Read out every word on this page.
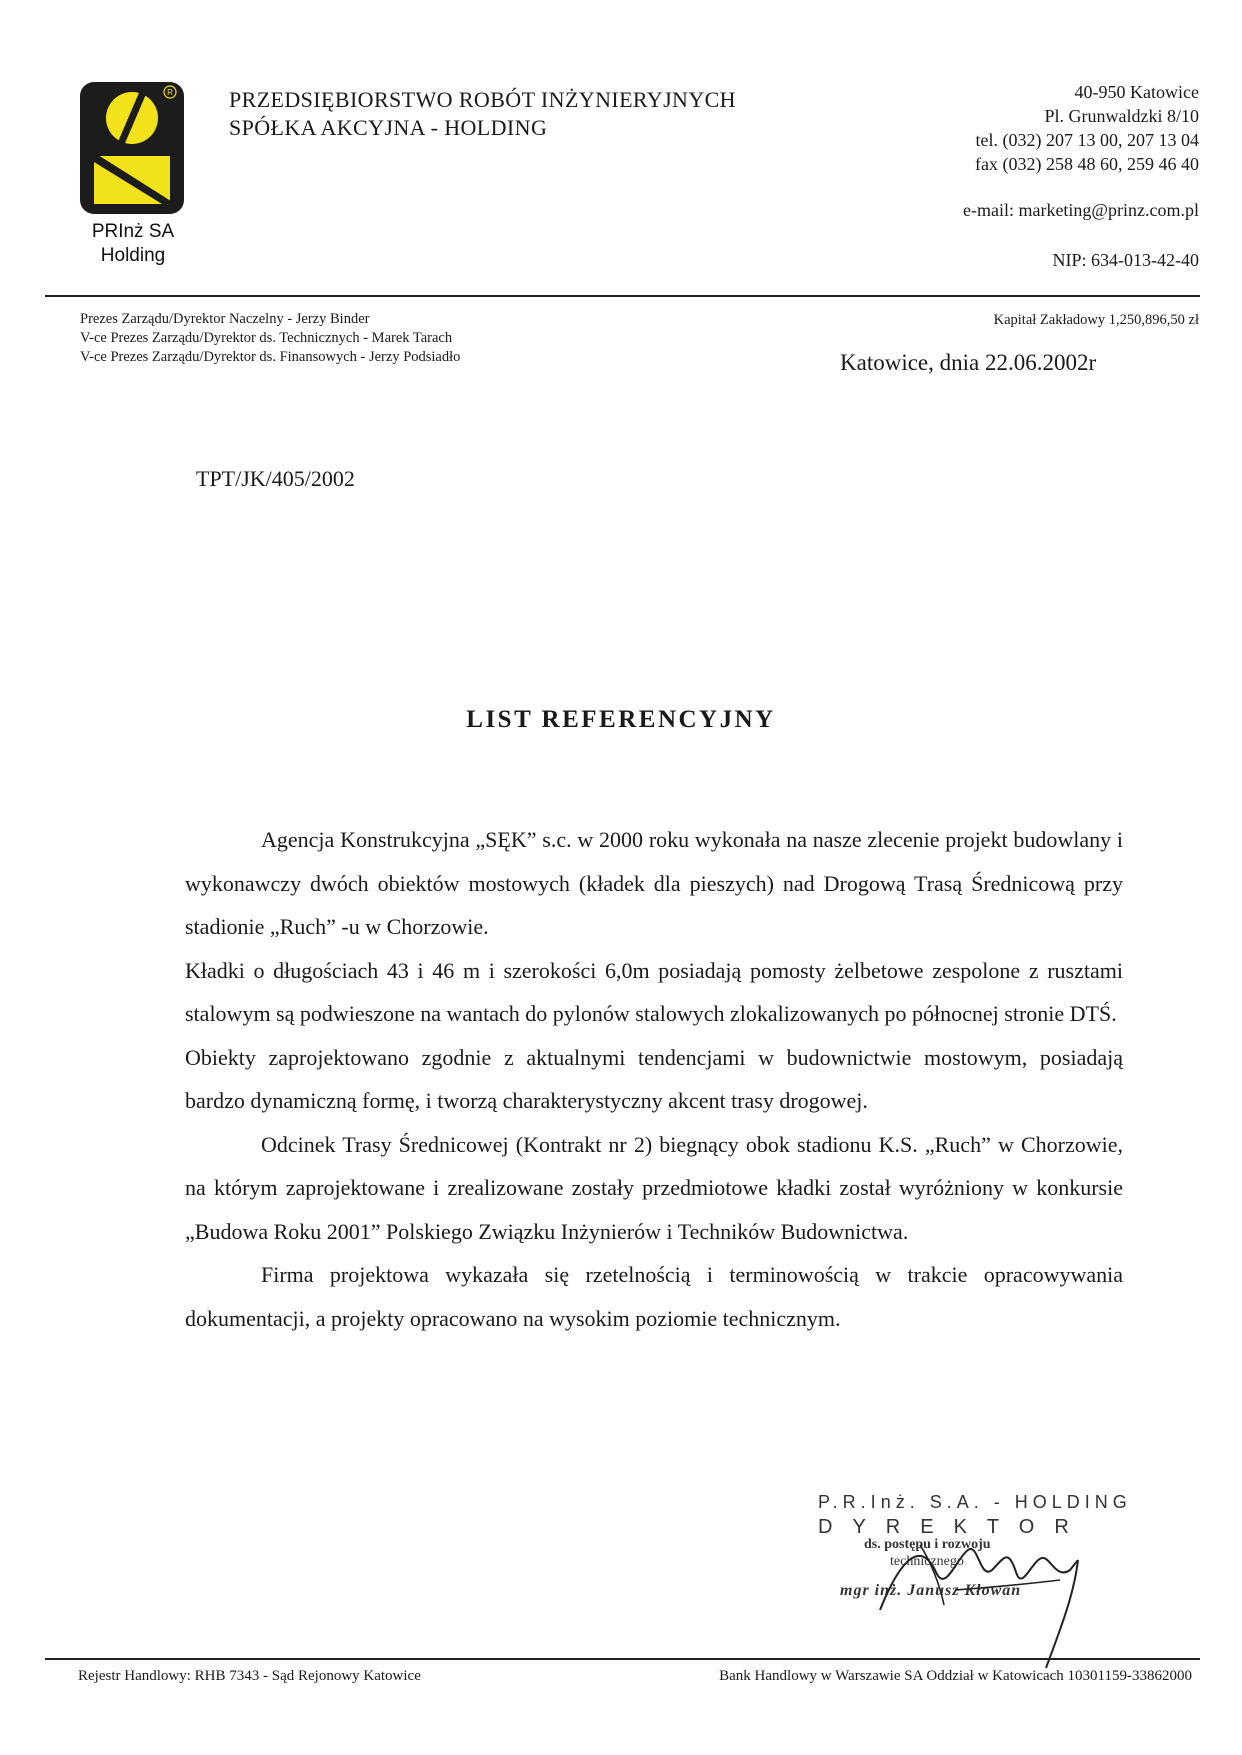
R
PRInż SA
Holding
PRZEDSIĘBIORSTWO ROBÓT INŻYNIERYJNYCH
SPÓŁKA AKCYJNA - HOLDING
40-950 Katowice
Pl. Grunwaldzki 8/10
tel. (032) 207 13 00, 207 13 04
fax (032) 258 48 60, 259 46 40
e-mail: marketing@prinz.com.pl
NIP: 634-013-42-40
Prezes Zarządu/Dyrektor Naczelny - Jerzy Binder
V-ce Prezes Zarządu/Dyrektor ds. Technicznych - Marek Tarach
V-ce Prezes Zarządu/Dyrektor ds. Finansowych - Jerzy Podsiadło
Kapitał Zakładowy 1,250,896,50 zł
Katowice, dnia 22.06.2002r
TPT/JK/405/2002
LIST REFERENCYJNY

Agencja Konstrukcyjna „SĘK” s.c. w 2000 roku wykonała na nasze zlecenie projekt budowlany i wykonawczy dwóch obiektów mostowych (kładek dla pieszych) nad Drogową Trasą Średnicową przy stadionie „Ruch” -u w Chorzowie.

Kładki o długościach 43 i 46 m i szerokości 6,0m posiadają pomosty żelbetowe zespolone z rusztami stalowym są podwieszone na wantach do pylonów stalowych zlokalizowanych po północnej stronie DTŚ.

Obiekty zaprojektowano zgodnie z aktualnymi tendencjami w budownictwie mostowym, posiadają bardzo dynamiczną formę, i tworzą charakterystyczny akcent trasy drogowej.

Odcinek Trasy Średnicowej (Kontrakt nr 2) biegnący obok stadionu K.S. „Ruch” w Chorzowie, na którym zaprojektowane i zrealizowane zostały przedmiotowe kładki został wyróżniony w konkursie „Budowa Roku 2001” Polskiego Związku Inżynierów i Techników Budownictwa.

Firma projektowa wykazała się rzetelnością i terminowością w trakcie opracowywania dokumentacji, a projekty opracowano na wysokim poziomie technicznym.

P.R.Inż. S.A. - HOLDING
DYREKTOR
ds. postępu i rozwoju
technicznego
mgr inż. Janusz Kłowan
Rejestr Handlowy: RHB 7343 - Sąd Rejonowy Katowice	Bank Handlowy w Warszawie SA Oddział w Katowicach 10301159-33862000
